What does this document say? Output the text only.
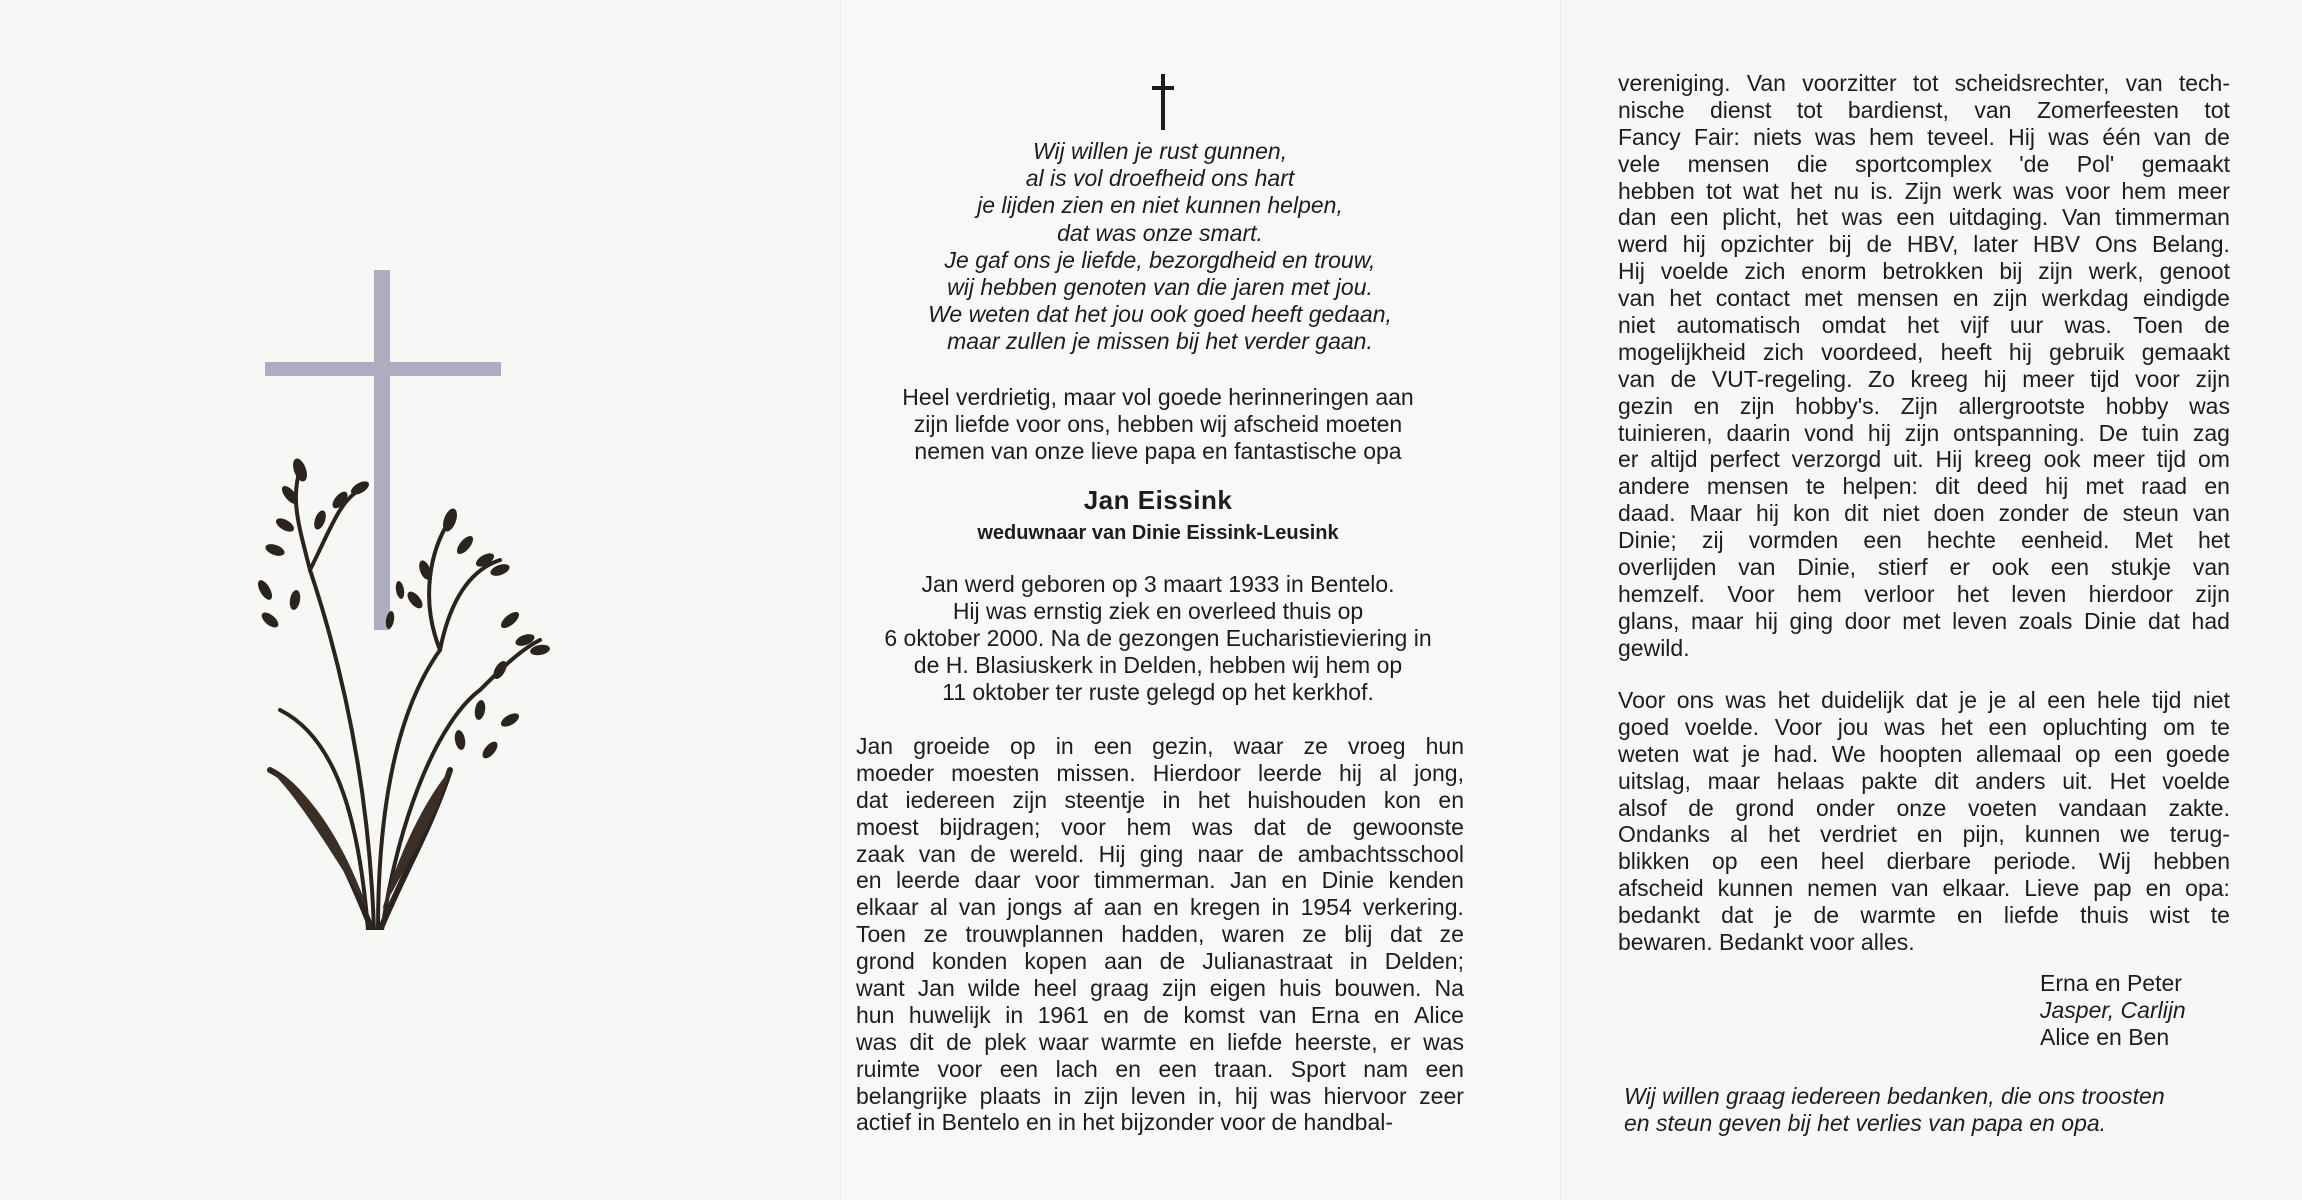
Wij willen je rust gunnen,
al is vol droefheid ons hart
je lijden zien en niet kunnen helpen,
dat was onze smart.
Je gaf ons je liefde, bezorgdheid en trouw,
wij hebben genoten van die jaren met jou.
We weten dat het jou ook goed heeft gedaan,
maar zullen je missen bij het verder gaan.
Heel verdrietig, maar vol goede herinneringen aan
zijn liefde voor ons, hebben wij afscheid moeten
nemen van onze lieve papa en fantastische opa
Jan Eissink
weduwnaar van Dinie Eissink-Leusink
Jan werd geboren op 3 maart 1933 in Bentelo.
Hij was ernstig ziek en overleed thuis op
6 oktober 2000. Na de gezongen Eucharistieviering in
de H. Blasiuskerk in Delden, hebben wij hem op
11 oktober ter ruste gelegd op het kerkhof.
Jan groeide op in een gezin, waar ze vroeg hun
moeder moesten missen. Hierdoor leerde hij al jong,
dat iedereen zijn steentje in het huishouden kon en
moest bijdragen; voor hem was dat de gewoonste
zaak van de wereld. Hij ging naar de ambachtsschool
en leerde daar voor timmerman. Jan en Dinie kenden
elkaar al van jongs af aan en kregen in 1954 verkering.
Toen ze trouwplannen hadden, waren ze blij dat ze
grond konden kopen aan de Julianastraat in Delden;
want Jan wilde heel graag zijn eigen huis bouwen. Na
hun huwelijk in 1961 en de komst van Erna en Alice
was dit de plek waar warmte en liefde heerste, er was
ruimte voor een lach en een traan. Sport nam een
belangrijke plaats in zijn leven in, hij was hiervoor zeer
actief in Bentelo en in het bijzonder voor de handbal-
vereniging. Van voorzitter tot scheidsrechter, van tech-
nische dienst tot bardienst, van Zomerfeesten tot
Fancy Fair: niets was hem teveel. Hij was één van de
vele mensen die sportcomplex 'de Pol' gemaakt
hebben tot wat het nu is. Zijn werk was voor hem meer
dan een plicht, het was een uitdaging. Van timmerman
werd hij opzichter bij de HBV, later HBV Ons Belang.
Hij voelde zich enorm betrokken bij zijn werk, genoot
van het contact met mensen en zijn werkdag eindigde
niet automatisch omdat het vijf uur was. Toen de
mogelijkheid zich voordeed, heeft hij gebruik gemaakt
van de VUT-regeling. Zo kreeg hij meer tijd voor zijn
gezin en zijn hobby's. Zijn allergrootste hobby was
tuinieren, daarin vond hij zijn ontspanning. De tuin zag
er altijd perfect verzorgd uit. Hij kreeg ook meer tijd om
andere mensen te helpen: dit deed hij met raad en
daad. Maar hij kon dit niet doen zonder de steun van
Dinie; zij vormden een hechte eenheid. Met het
overlijden van Dinie, stierf er ook een stukje van
hemzelf. Voor hem verloor het leven hierdoor zijn
glans, maar hij ging door met leven zoals Dinie dat had
gewild.
Voor ons was het duidelijk dat je je al een hele tijd niet
goed voelde. Voor jou was het een opluchting om te
weten wat je had. We hoopten allemaal op een goede
uitslag, maar helaas pakte dit anders uit. Het voelde
alsof de grond onder onze voeten vandaan zakte.
Ondanks al het verdriet en pijn, kunnen we terug-
blikken op een heel dierbare periode. Wij hebben
afscheid kunnen nemen van elkaar. Lieve pap en opa:
bedankt dat je de warmte en liefde thuis wist te
bewaren. Bedankt voor alles.
Erna en Peter
Jasper, Carlijn
Alice en Ben
Wij willen graag iedereen bedanken, die ons troosten
en steun geven bij het verlies van papa en opa.
